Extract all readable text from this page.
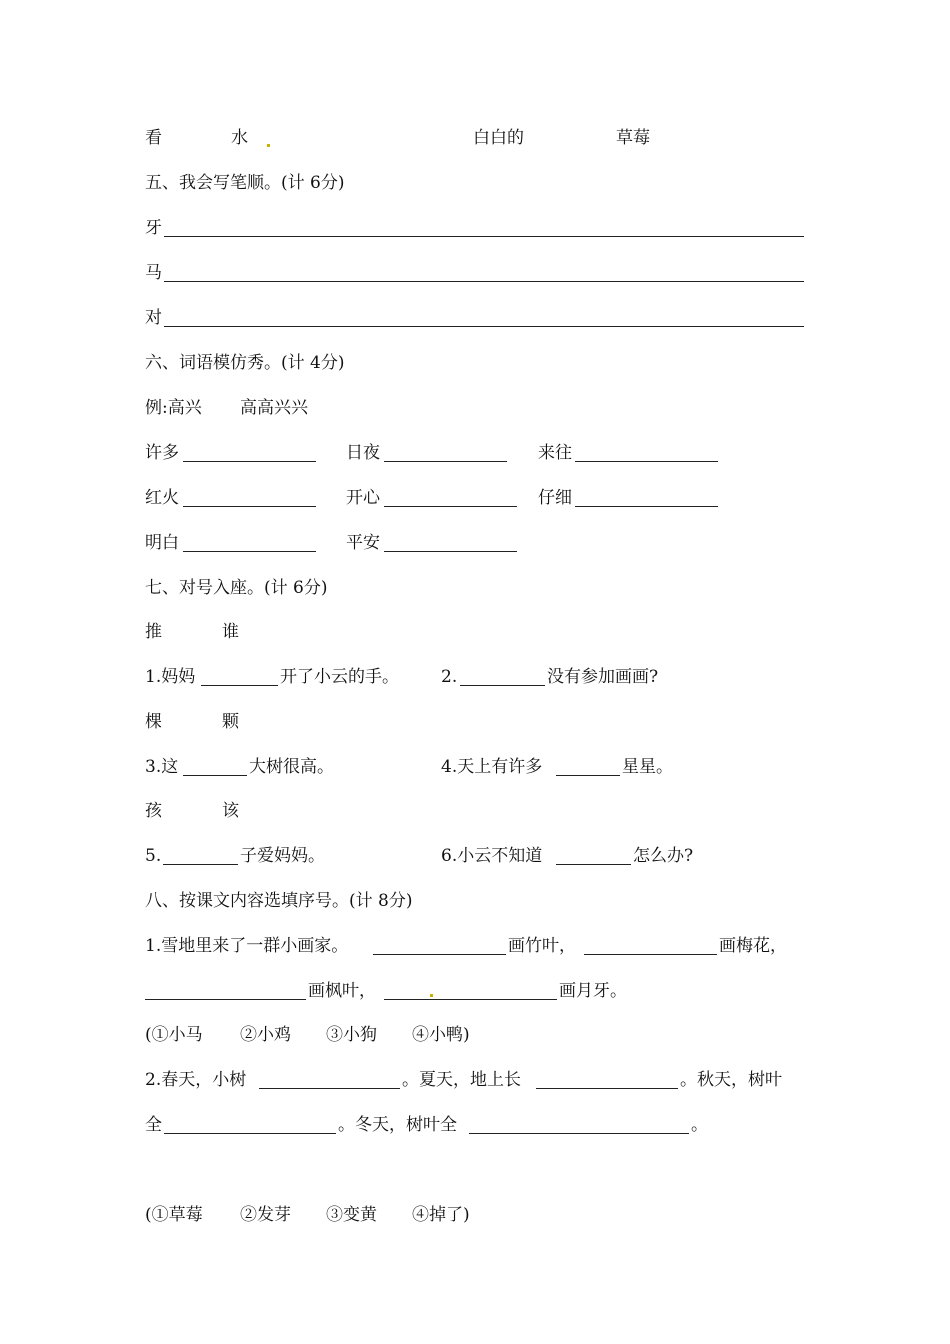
看	水	白白的	草莓
五、我会写笔顺。(计 6分)
牙
马
对
六、词语模仿秀。(计 4分)
例:高兴 高高兴兴
许多	日夜	来往
红火	开心	仔细
明白	平安
七、对号入座。(计 6分)
推	谁
1.妈妈	开了小云的手。 2.	没有参加画画?
棵	颗
3.这	大树很高。	4.天上有许多	星星。
孩	该
5.	子爱妈妈。	6.小云不知道	怎么办?
八、按课文内容选填序号。(计 8分)
1.雪地里来了一群小画家。	画竹叶，	画梅花，
画枫叶，	画月牙。
(①小马 ②小鸡 ③小狗 ④小鸭)
2.春天，小树	。夏天，地上长	。秋天，树叶
全	。冬天，树叶全	。
(①草莓 ②发芽 ③变黄 ④掉了)
